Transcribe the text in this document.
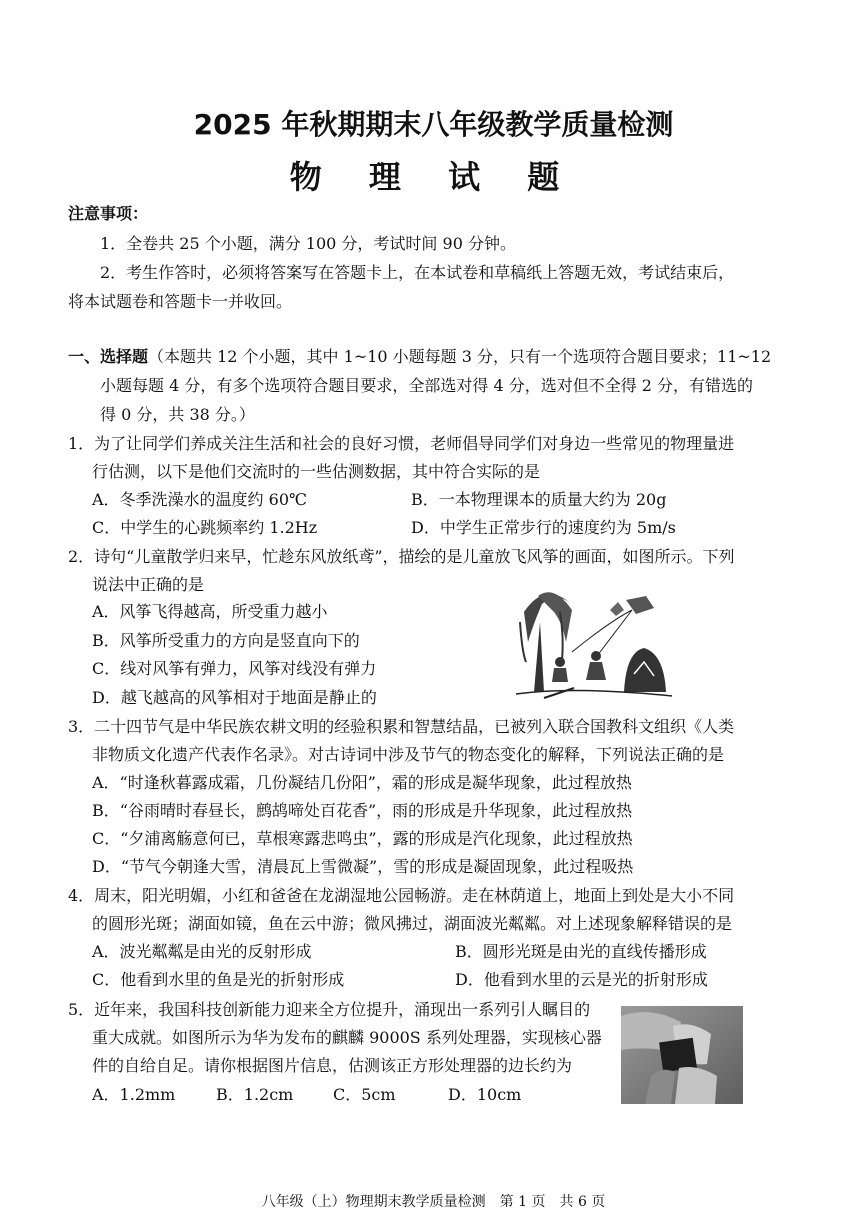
2025 年秋期期末八年级教学质量检测
物 理 试 题
注意事项：
1．全卷共 25 个小题，满分 100 分，考试时间 90 分钟。
2．考生作答时，必须将答案写在答题卡上，在本试卷和草稿纸上答题无效，考试结束后，
将本试题卷和答题卡一并收回。
一、选择题（本题共 12 个小题，其中 1~10 小题每题 3 分，只有一个选项符合题目要求；11~12
小题每题 4 分，有多个选项符合题目要求，全部选对得 4 分，选对但不全得 2 分，有错选的
得 0 分，共 38 分。）
1．为了让同学们养成关注生活和社会的良好习惯，老师倡导同学们对身边一些常见的物理量进
行估测，以下是他们交流时的一些估测数据，其中符合实际的是
A．冬季洗澡水的温度约 60℃	B．一本物理课本的质量大约为 20g
C．中学生的心跳频率约 1.2Hz	D．中学生正常步行的速度约为 5m/s
2．诗句“儿童散学归来早，忙趁东风放纸鸢”，描绘的是儿童放飞风筝的画面，如图所示。下列
说法中正确的是
A．风筝飞得越高，所受重力越小
B．风筝所受重力的方向是竖直向下的
C．线对风筝有弹力，风筝对线没有弹力
D．越飞越高的风筝相对于地面是静止的
3．二十四节气是中华民族农耕文明的经验积累和智慧结晶，已被列入联合国教科文组织《人类
非物质文化遗产代表作名录》。对古诗词中涉及节气的物态变化的解释，下列说法正确的是
A．“时逢秋暮露成霜，几份凝结几份阳”，霜的形成是凝华现象，此过程放热
B．“谷雨晴时春昼长，鹧鸪啼处百花香”，雨的形成是升华现象，此过程放热
C．“夕浦离觞意何已，草根寒露悲鸣虫”，露的形成是汽化现象，此过程放热
D．“节气今朝逢大雪，清晨瓦上雪微凝”，雪的形成是凝固现象，此过程吸热
4．周末，阳光明媚，小红和爸爸在龙湖湿地公园畅游。走在林荫道上，地面上到处是大小不同
的圆形光斑；湖面如镜，鱼在云中游；微风拂过，湖面波光粼粼。对上述现象解释错误的是
A．波光粼粼是由光的反射形成	B．圆形光斑是由光的直线传播形成
C．他看到水里的鱼是光的折射形成	D．他看到水里的云是光的折射形成
5．近年来，我国科技创新能力迎来全方位提升，涌现出一系列引人瞩目的
重大成就。如图所示为华为发布的麒麟 9000S 系列处理器，实现核心器
件的自给自足。请你根据图片信息，估测该正方形处理器的边长约为
A．1.2mm	B．1.2cm C．5cm	D．10cm
八年级（上）物理期末教学质量检测　第 1 页　共 6 页
